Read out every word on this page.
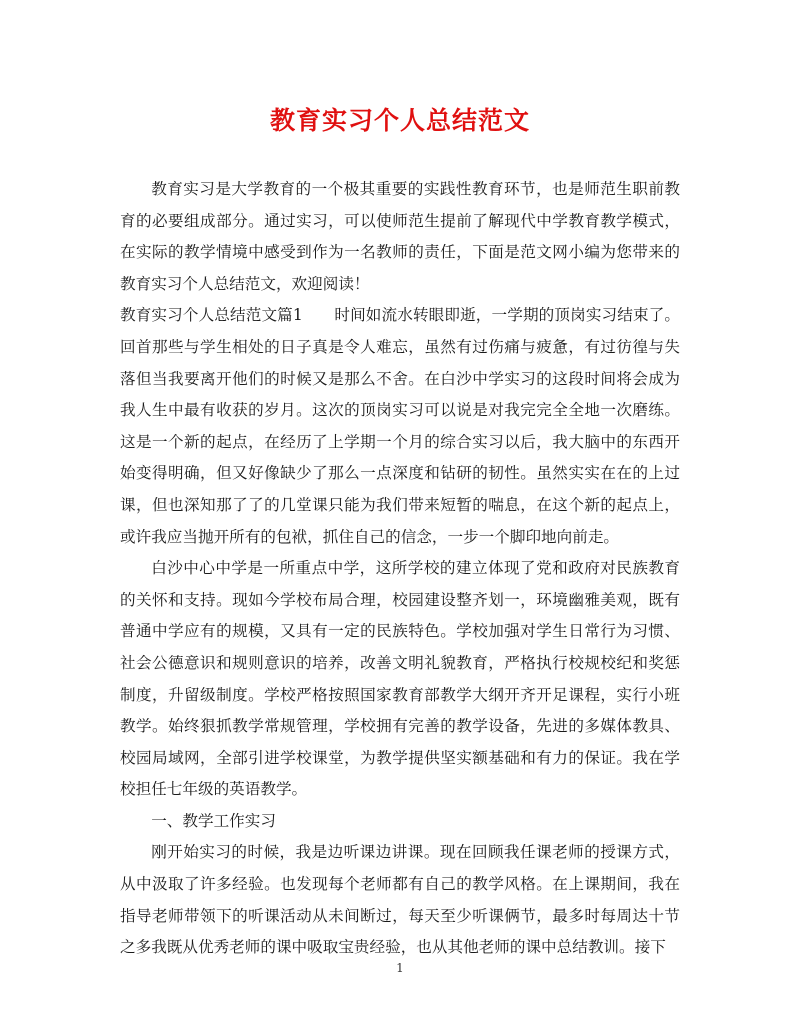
教育实习个人总结范文

教育实习是大学教育的一个极其重要的实践性教育环节，也是师范生职前教育的必要组成部分。通过实习，可以使师范生提前了解现代中学教育教学模式，在实际的教学情境中感受到作为一名教师的责任，下面是范文网小编为您带来的教育实习个人总结范文，欢迎阅读！

教育实习个人总结范文篇1　　时间如流水转眼即逝，一学期的顶岗实习结束了。回首那些与学生相处的日子真是令人难忘，虽然有过伤痛与疲惫，有过彷徨与失落但当我要离开他们的时候又是那么不舍。在白沙中学实习的这段时间将会成为我人生中最有收获的岁月。这次的顶岗实习可以说是对我完完全全地一次磨练。这是一个新的起点，在经历了上学期一个月的综合实习以后，我大脑中的东西开始变得明确，但又好像缺少了那么一点深度和钻研的韧性。虽然实实在在的上过课，但也深知那了了的几堂课只能为我们带来短暂的喘息，在这个新的起点上，或许我应当抛开所有的包袱，抓住自己的信念，一步一个脚印地向前走。

白沙中心中学是一所重点中学，这所学校的建立体现了党和政府对民族教育的关怀和支持。现如今学校布局合理，校园建设整齐划一，环境幽雅美观，既有普通中学应有的规模，又具有一定的民族特色。学校加强对学生日常行为习惯、社会公德意识和规则意识的培养，改善文明礼貌教育，严格执行校规校纪和奖惩制度，升留级制度。学校严格按照国家教育部教学大纲开齐开足课程，实行小班教学。始终狠抓教学常规管理，学校拥有完善的教学设备，先进的多媒体教具、校园局域网，全部引进学校课堂，为教学提供坚实额基础和有力的保证。我在学校担任七年级的英语教学。

一、教学工作实习

刚开始实习的时候，我是边听课边讲课。现在回顾我任课老师的授课方式，从中汲取了许多经验。也发现每个老师都有自己的教学风格。在上课期间，我在指导老师带领下的听课活动从未间断过，每天至少听课俩节，最多时每周达十节之多我既从优秀老师的课中吸取宝贵经验，也从其他老师的课中总结教训。接下

1
